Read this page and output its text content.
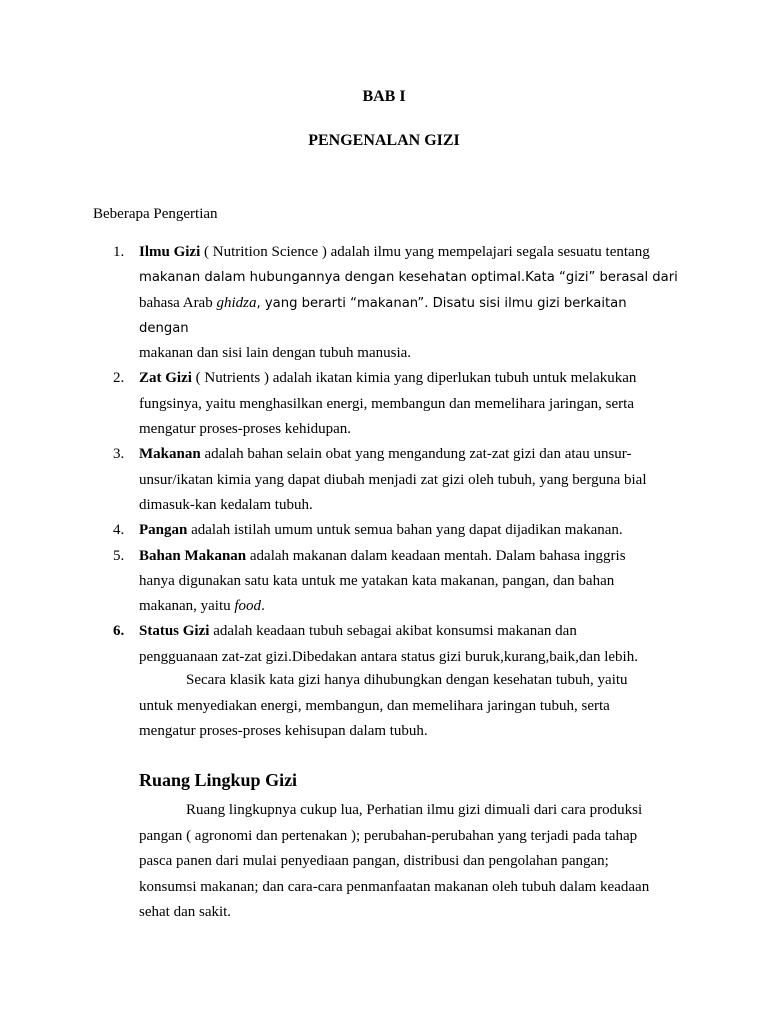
BAB I
PENGENALAN GIZI
Beberapa Pengertian
1. Ilmu Gizi ( Nutrition Science ) adalah ilmu yang mempelajari segala sesuatu tentang
makanan dalam hubungannya dengan kesehatan optimal.Kata “gizi” berasal dari
bahasa Arab ghidza, yang berarti “makanan”. Disatu sisi ilmu gizi berkaitan dengan
makanan dan sisi lain dengan tubuh manusia.
2. Zat Gizi ( Nutrients ) adalah ikatan kimia yang diperlukan tubuh untuk melakukan
fungsinya, yaitu menghasilkan energi, membangun dan memelihara jaringan, serta
mengatur proses-proses kehidupan.
3. Makanan adalah bahan selain obat yang mengandung zat-zat gizi dan atau unsur-
unsur/ikatan kimia yang dapat diubah menjadi zat gizi oleh tubuh, yang berguna bial
dimasuk-kan kedalam tubuh.
4. Pangan adalah istilah umum untuk semua bahan yang dapat dijadikan makanan.
5. Bahan Makanan adalah makanan dalam keadaan mentah. Dalam bahasa inggris
hanya digunakan satu kata untuk me yatakan kata makanan, pangan, dan bahan
makanan, yaitu food.
6. Status Gizi adalah keadaan tubuh sebagai akibat konsumsi makanan dan
pengguanaan zat-zat gizi.Dibedakan antara status gizi buruk,kurang,baik,dan lebih.

Secara klasik kata gizi hanya dihubungkan dengan kesehatan tubuh, yaitu
untuk menyediakan energi, membangun, dan memelihara jaringan tubuh, serta
mengatur proses-proses kehisupan dalam tubuh.

Ruang Lingkup Gizi

Ruang lingkupnya cukup lua, Perhatian ilmu gizi dimuali dari cara produksi
pangan ( agronomi dan pertenakan ); perubahan-perubahan yang terjadi pada tahap
pasca panen dari mulai penyediaan pangan, distribusi dan pengolahan pangan;
konsumsi makanan; dan cara-cara penmanfaatan makanan oleh tubuh dalam keadaan
sehat dan sakit.
